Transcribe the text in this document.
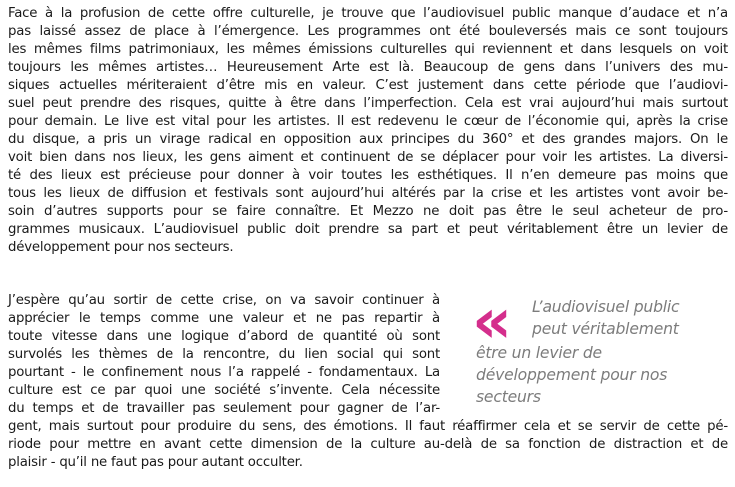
Face à la profusion de cette offre culturelle, je trouve que l’audiovisuel public manque d’audace et n’a
pas laissé assez de place à l’émergence. Les programmes ont été bouleversés mais ce sont toujours
les mêmes films patrimoniaux, les mêmes émissions culturelles qui reviennent et dans lesquels on voit
toujours les mêmes artistes… Heureusement Arte est là. Beaucoup de gens dans l’univers des mu-
siques actuelles mériteraient d’être mis en valeur. C’est justement dans cette période que l’audiovi-
suel peut prendre des risques, quitte à être dans l’imperfection. Cela est vrai aujourd’hui mais surtout
pour demain. Le live est vital pour les artistes. Il est redevenu le cœur de l’économie qui, après la crise
du disque, a pris un virage radical en opposition aux principes du 360° et des grandes majors. On le
voit bien dans nos lieux, les gens aiment et continuent de se déplacer pour voir les artistes. La diversi-
té des lieux est précieuse pour donner à voir toutes les esthétiques. Il n’en demeure pas moins que
tous les lieux de diffusion et festivals sont aujourd’hui altérés par la crise et les artistes vont avoir be-
soin d’autres supports pour se faire connaître. Et Mezzo ne doit pas être le seul acheteur de pro-
grammes musicaux. L’audiovisuel public doit prendre sa part et peut véritablement être un levier de
développement pour nos secteurs.
J’espère qu’au sortir de cette crise, on va savoir continuer à
apprécier le temps comme une valeur et ne pas repartir à
toute vitesse dans une logique d’abord de quantité où sont
survolés les thèmes de la rencontre, du lien social qui sont
pourtant - le confinement nous l’a rappelé - fondamentaux. La
culture est ce par quoi une société s’invente. Cela nécessite
du temps et de travailler pas seulement pour gagner de l’ar-
gent, mais surtout pour produire du sens, des émotions. Il faut réaffirmer cela et se servir de cette pé-
riode pour mettre en avant cette dimension de la culture au-delà de sa fonction de distraction et de
plaisir - qu’il ne faut pas pour autant occulter.
« L’audiovisuel public
peut véritablement
être un levier de
développement pour nos
secteurs
